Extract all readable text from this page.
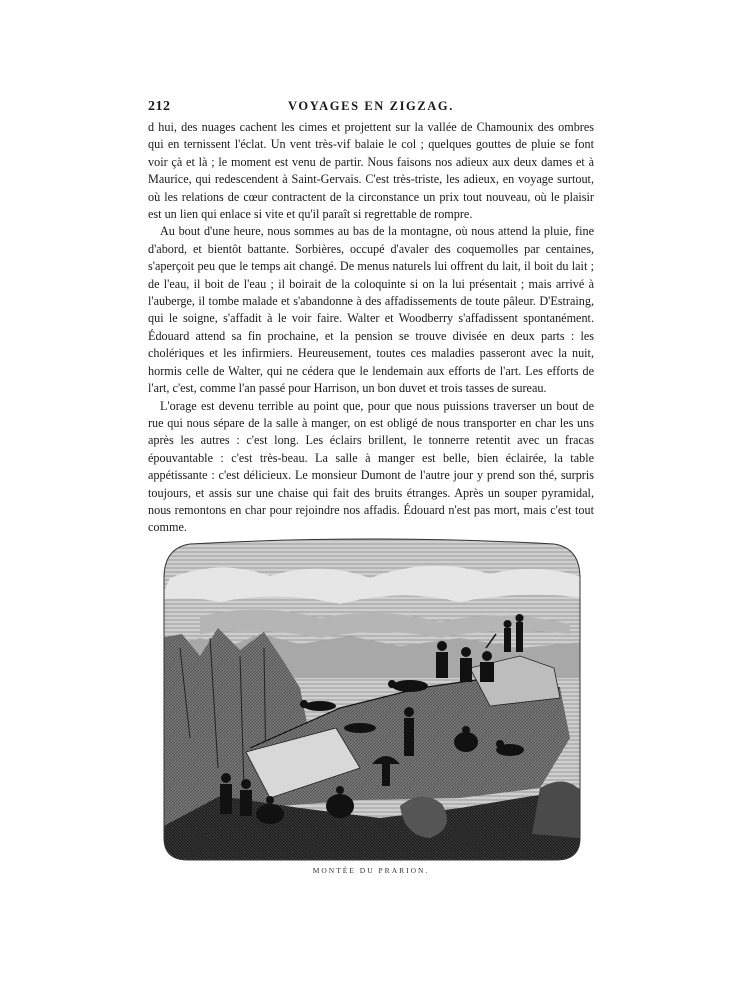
212	VOYAGES EN ZIGZAG.

d hui, des nuages cachent les cimes et projettent sur la vallée de Chamounix des ombres qui en ternissent l'éclat. Un vent très-vif balaie le col ; quelques gouttes de pluie se font voir çà et là ; le moment est venu de partir. Nous faisons nos adieux aux deux dames et à Maurice, qui redescendent à Saint-Gervais. C'est très-triste, les adieux, en voyage surtout, où les relations de cœur contractent de la circonstance un prix tout nouveau, où le plaisir est un lien qui enlace si vite et qu'il paraît si regrettable de rompre.

Au bout d'une heure, nous sommes au bas de la montagne, où nous attend la pluie, fine d'abord, et bientôt battante. Sorbières, occupé d'avaler des coquemolles par centaines, s'aperçoit peu que le temps ait changé. De menus naturels lui offrent du lait, il boit du lait ; de l'eau, il boit de l'eau ; il boirait de la coloquinte si on la lui présentait ; mais arrivé à l'auberge, il tombe malade et s'abandonne à des affadissements de toute pâleur. D'Estraing, qui le soigne, s'affadit à le voir faire. Walter et Woodberry s'affadissent spontanément. Édouard attend sa fin prochaine, et la pension se trouve divisée en deux parts : les cholériques et les infirmiers. Heureusement, toutes ces maladies passeront avec la nuit, hormis celle de Walter, qui ne cédera que le lendemain aux efforts de l'art. Les efforts de l'art, c'est, comme l'an passé pour Harrison, un bon duvet et trois tasses de sureau.

L'orage est devenu terrible au point que, pour que nous puissions traverser un bout de rue qui nous sépare de la salle à manger, on est obligé de nous transporter en char les uns après les autres : c'est long. Les éclairs brillent, le tonnerre retentit avec un fracas épouvantable : c'est très-beau. La salle à manger est belle, bien éclairée, la table appétissante : c'est délicieux. Le monsieur Dumont de l'autre jour y prend son thé, surpris toujours, et assis sur une chaise qui fait des bruits étranges. Après un souper pyramidal, nous remontons en char pour rejoindre nos affadis. Édouard n'est pas mort, mais c'est tout comme.

MONTÉE DU PRARION.
